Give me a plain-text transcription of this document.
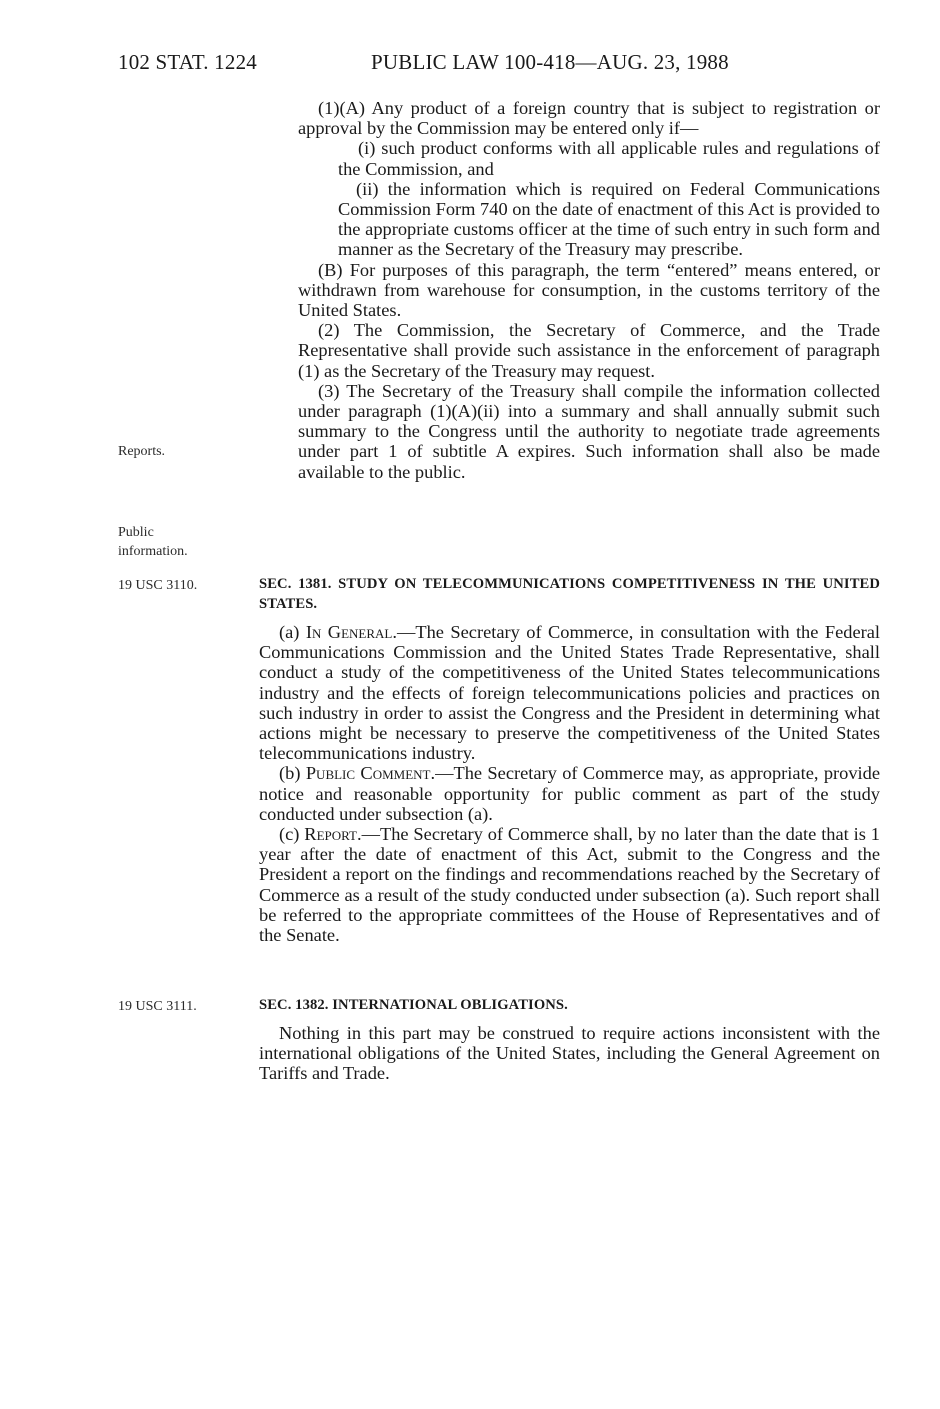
102 STAT. 1224	PUBLIC LAW 100-418—AUG. 23, 1988

(1)(A) Any product of a foreign country that is subject to registration or approval by the Commission may be entered only if—

(i) such product conforms with all applicable rules and regulations of the Commission, and

(ii) the information which is required on Federal Communications Commission Form 740 on the date of enactment of this Act is provided to the appropriate customs officer at the time of such entry in such form and manner as the Secretary of the Treasury may prescribe.

(B) For purposes of this paragraph, the term “entered” means entered, or withdrawn from warehouse for consumption, in the customs territory of the United States.

(2) The Commission, the Secretary of Commerce, and the Trade Representative shall provide such assistance in the enforcement of paragraph (1) as the Secretary of the Treasury may request.

(3) The Secretary of the Treasury shall compile the information collected under paragraph (1)(A)(ii) into a summary and shall annually submit such summary to the Congress until the authority to negotiate trade agreements under part 1 of subtitle A expires. Such information shall also be made available to the public.

Reports.
Public
information.
19 USC 3110.	SEC. 1381. STUDY ON TELECOMMUNICATIONS COMPETITIVENESS IN THE UNITED STATES.

(a) In General.—The Secretary of Commerce, in consultation with the Federal Communications Commission and the United States Trade Representative, shall conduct a study of the competitiveness of the United States telecommunications industry and the effects of foreign telecommunications policies and practices on such industry in order to assist the Congress and the President in determining what actions might be necessary to preserve the competitiveness of the United States telecommunications industry.

(b) Public Comment.—The Secretary of Commerce may, as appropriate, provide notice and reasonable opportunity for public comment as part of the study conducted under subsection (a).

(c) Report.—The Secretary of Commerce shall, by no later than the date that is 1 year after the date of enactment of this Act, submit to the Congress and the President a report on the findings and recommendations reached by the Secretary of Commerce as a result of the study conducted under subsection (a). Such report shall be referred to the appropriate committees of the House of Representatives and of the Senate.

19 USC 3111.	SEC. 1382. INTERNATIONAL OBLIGATIONS.

Nothing in this part may be construed to require actions inconsistent with the international obligations of the United States, including the General Agreement on Tariffs and Trade.
